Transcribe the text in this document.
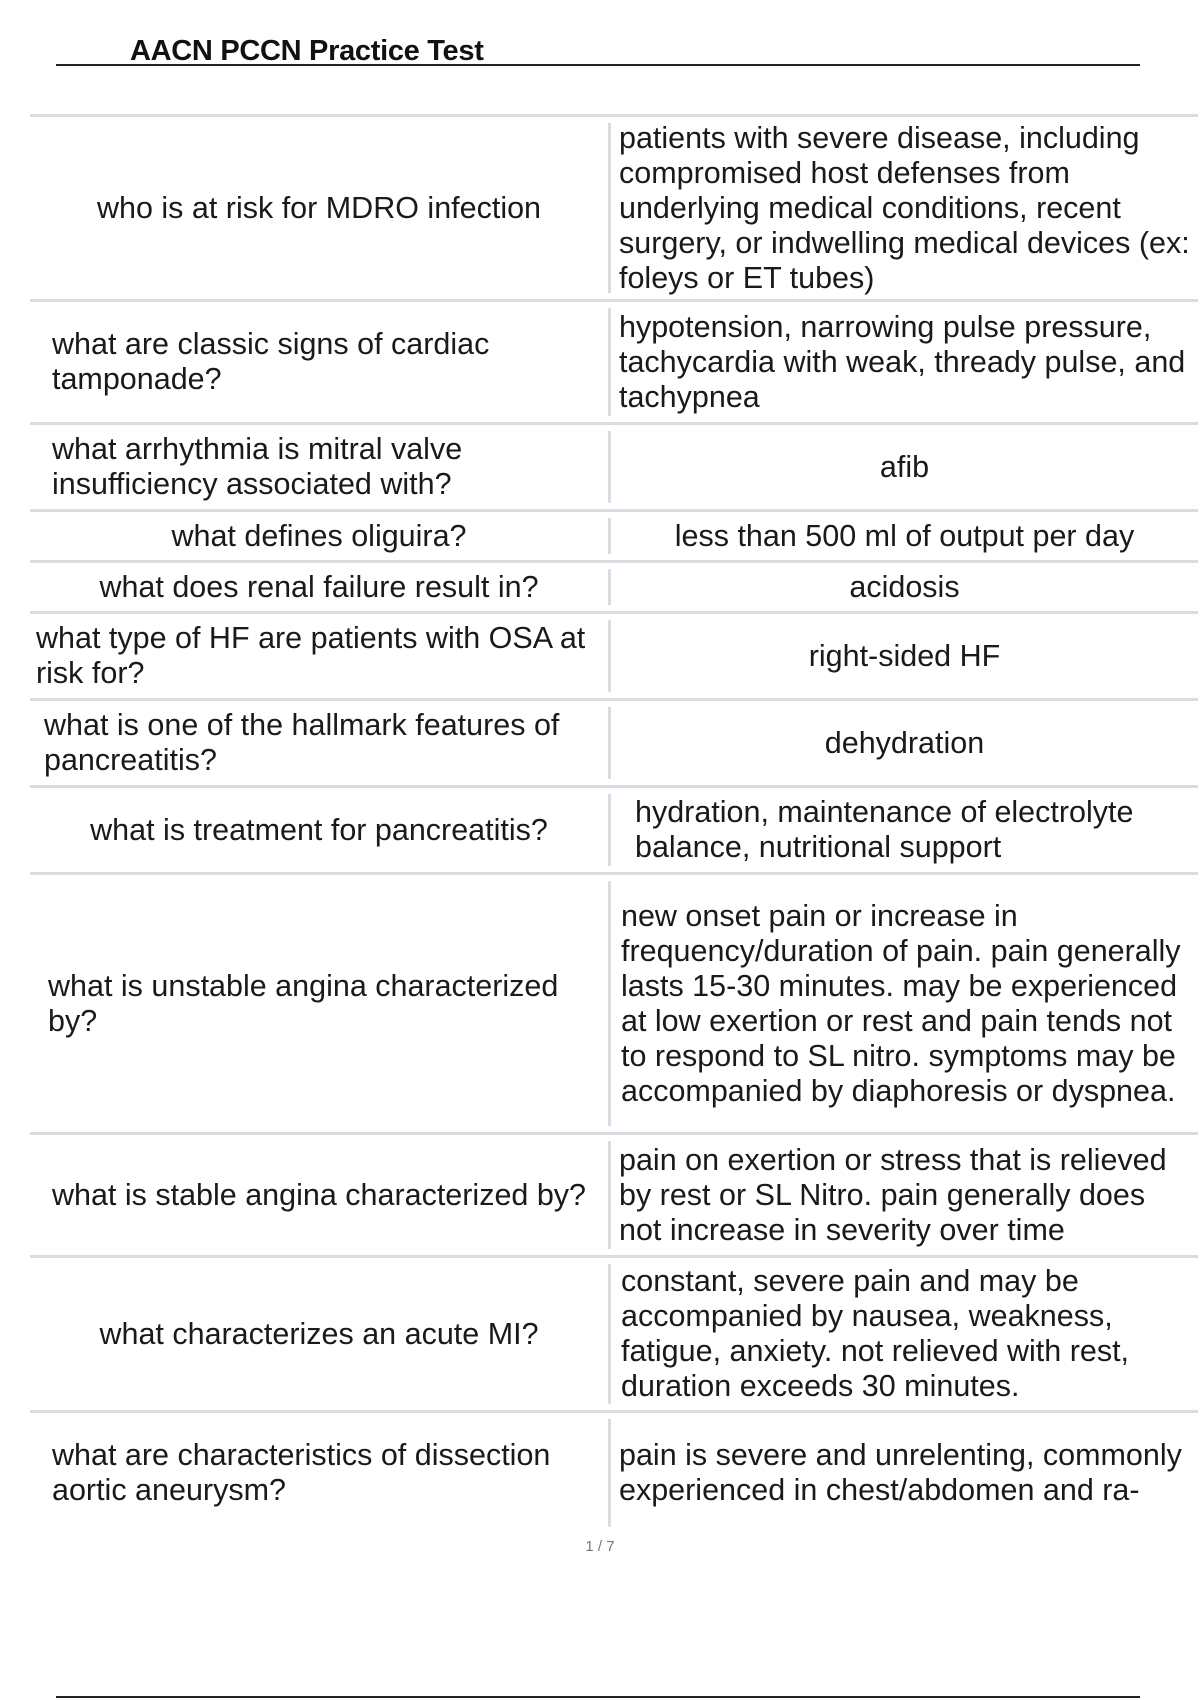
AACN PCCN Practice Test
who is at risk for MDRO infection
patients with severe disease, including compromised host defenses from underlying medical conditions, recent surgery, or indwelling medical devices (ex: foleys or ET tubes)
what are classic signs of cardiac tamponade?
hypotension, narrowing pulse pressure, tachycardia with weak, thready pulse, and tachypnea
what arrhythmia is mitral valve insufficiency associated with?
afib
what defines oliguira?	less than 500 ml of output per day
what does renal failure result in?	acidosis
what type of HF are patients with OSA at risk for?
right-sided HF
what is one of the hallmark features of pancreatitis?
dehydration
what is treatment for pancreatitis?
hydration, maintenance of electrolyte balance, nutritional support
what is unstable angina characterized by?
new onset pain or increase in frequency/duration of pain. pain generally lasts 15-30 minutes. may be experienced at low exertion or rest and pain tends not to respond to SL nitro. symptoms may be accompanied by diaphoresis or dyspnea.
what is stable angina characterized by?
pain on exertion or stress that is relieved by rest or SL Nitro. pain generally does not increase in severity over time
what characterizes an acute MI?
constant, severe pain and may be accompanied by nausea, weakness, fatigue, anxiety. not relieved with rest, duration exceeds 30 minutes.
what are characteristics of dissection aortic aneurysm?
pain is severe and unrelenting, commonly experienced in chest/abdomen and ra-
1 / 7
